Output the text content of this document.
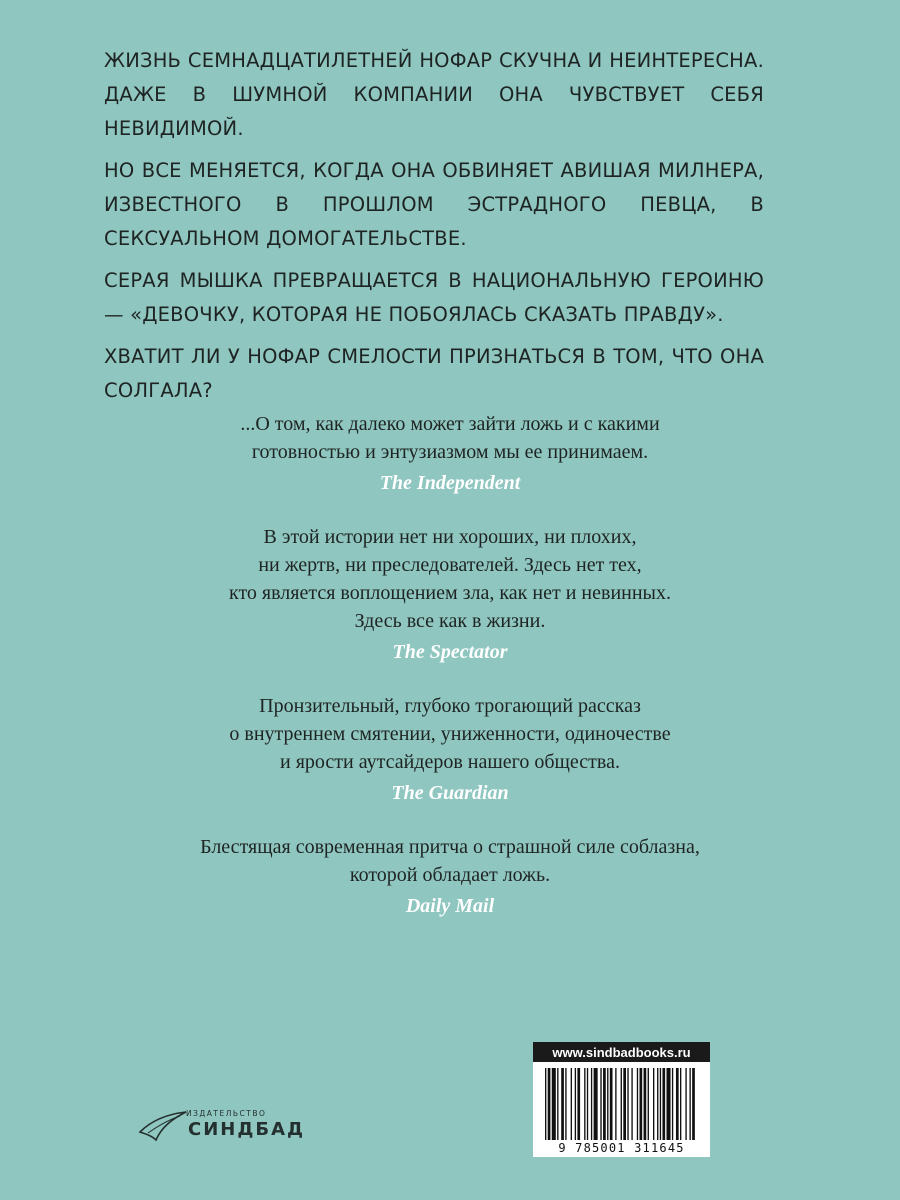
ЖИЗНЬ СЕМНАДЦАТИЛЕТНЕЙ НОФАР СКУЧНА И НЕИНТЕРЕСНА. ДАЖЕ В ШУМНОЙ КОМПАНИИ ОНА ЧУВСТВУЕТ СЕБЯ НЕВИДИМОЙ.

НО ВСЕ МЕНЯЕТСЯ, КОГДА ОНА ОБВИНЯЕТ АВИШАЯ МИЛНЕРА, ИЗВЕСТНОГО В ПРОШЛОМ ЭСТРАДНОГО ПЕВЦА, В СЕКСУАЛЬНОМ ДОМОГАТЕЛЬСТВЕ.

СЕРАЯ МЫШКА ПРЕВРАЩАЕТСЯ В НАЦИОНАЛЬНУЮ ГЕРОИНЮ — «ДЕВОЧКУ, КОТОРАЯ НЕ ПОБОЯЛАСЬ СКАЗАТЬ ПРАВДУ».

ХВАТИТ ЛИ У НОФАР СМЕЛОСТИ ПРИЗНАТЬСЯ В ТОМ, ЧТО ОНА СОЛГАЛА?

...О том, как далеко может зайти ложь и с какими
готовностью и энтузиазмом мы ее принимаем.
The Independent
В этой истории нет ни хороших, ни плохих,
ни жертв, ни преследователей. Здесь нет тех,
кто является воплощением зла, как нет и невинных.
Здесь все как в жизни.
The Spectator
Пронзительный, глубоко трогающий рассказ
о внутреннем смятении, униженности, одиночестве
и ярости аутсайдеров нашего общества.
The Guardian
Блестящая современная притча о страшной силе соблазна,
которой обладает ложь.
Daily Mail
ИЗДАТЕЛЬСТВО
СИНДБАД
www.sindbadbooks.ru
9 785001 311645
